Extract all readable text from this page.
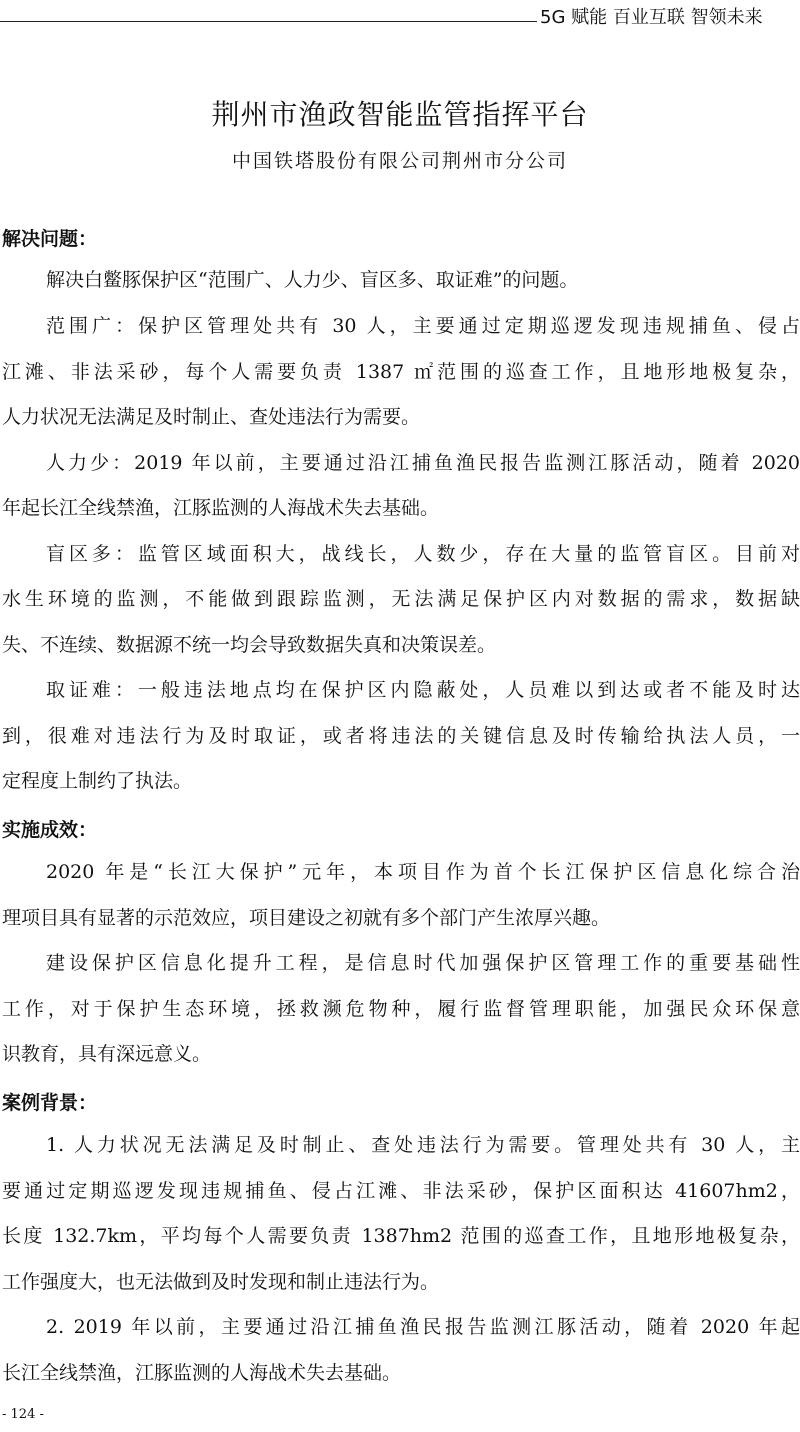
5G 赋能 百业互联 智领未来
荆州市渔政智能监管指挥平台
中国铁塔股份有限公司荆州市分公司
解决问题：
解决白鳖豚保护区“范围广、人力少、盲区多、取证难”的问题。
范围广：保护区管理处共有 30 人，主要通过定期巡逻发现违规捕鱼、侵占
江滩、非法采砂，每个人需要负责 1387 ㎡范围的巡查工作，且地形地极复杂，
人力状况无法满足及时制止、查处违法行为需要。
人力少：2019 年以前，主要通过沿江捕鱼渔民报告监测江豚活动，随着 2020
年起长江全线禁渔，江豚监测的人海战术失去基础。
盲区多：监管区域面积大，战线长，人数少，存在大量的监管盲区。目前对
水生环境的监测，不能做到跟踪监测，无法满足保护区内对数据的需求，数据缺
失、不连续、数据源不统一均会导致数据失真和决策误差。
取证难：一般违法地点均在保护区内隐蔽处，人员难以到达或者不能及时达
到，很难对违法行为及时取证，或者将违法的关键信息及时传输给执法人员，一
定程度上制约了执法。
实施成效：
2020 年是“长江大保护”元年，本项目作为首个长江保护区信息化综合治
理项目具有显著的示范效应，项目建设之初就有多个部门产生浓厚兴趣。
建设保护区信息化提升工程，是信息时代加强保护区管理工作的重要基础性
工作，对于保护生态环境，拯救濒危物种，履行监督管理职能，加强民众环保意
识教育，具有深远意义。
案例背景：
1. 人力状况无法满足及时制止、查处违法行为需要。管理处共有 30 人，主
要通过定期巡逻发现违规捕鱼、侵占江滩、非法采砂，保护区面积达 41607hm2，
长度 132.7km，平均每个人需要负责 1387hm2 范围的巡查工作，且地形地极复杂，
工作强度大，也无法做到及时发现和制止违法行为。
2. 2019 年以前，主要通过沿江捕鱼渔民报告监测江豚活动，随着 2020 年起
长江全线禁渔，江豚监测的人海战术失去基础。
- 124 -
